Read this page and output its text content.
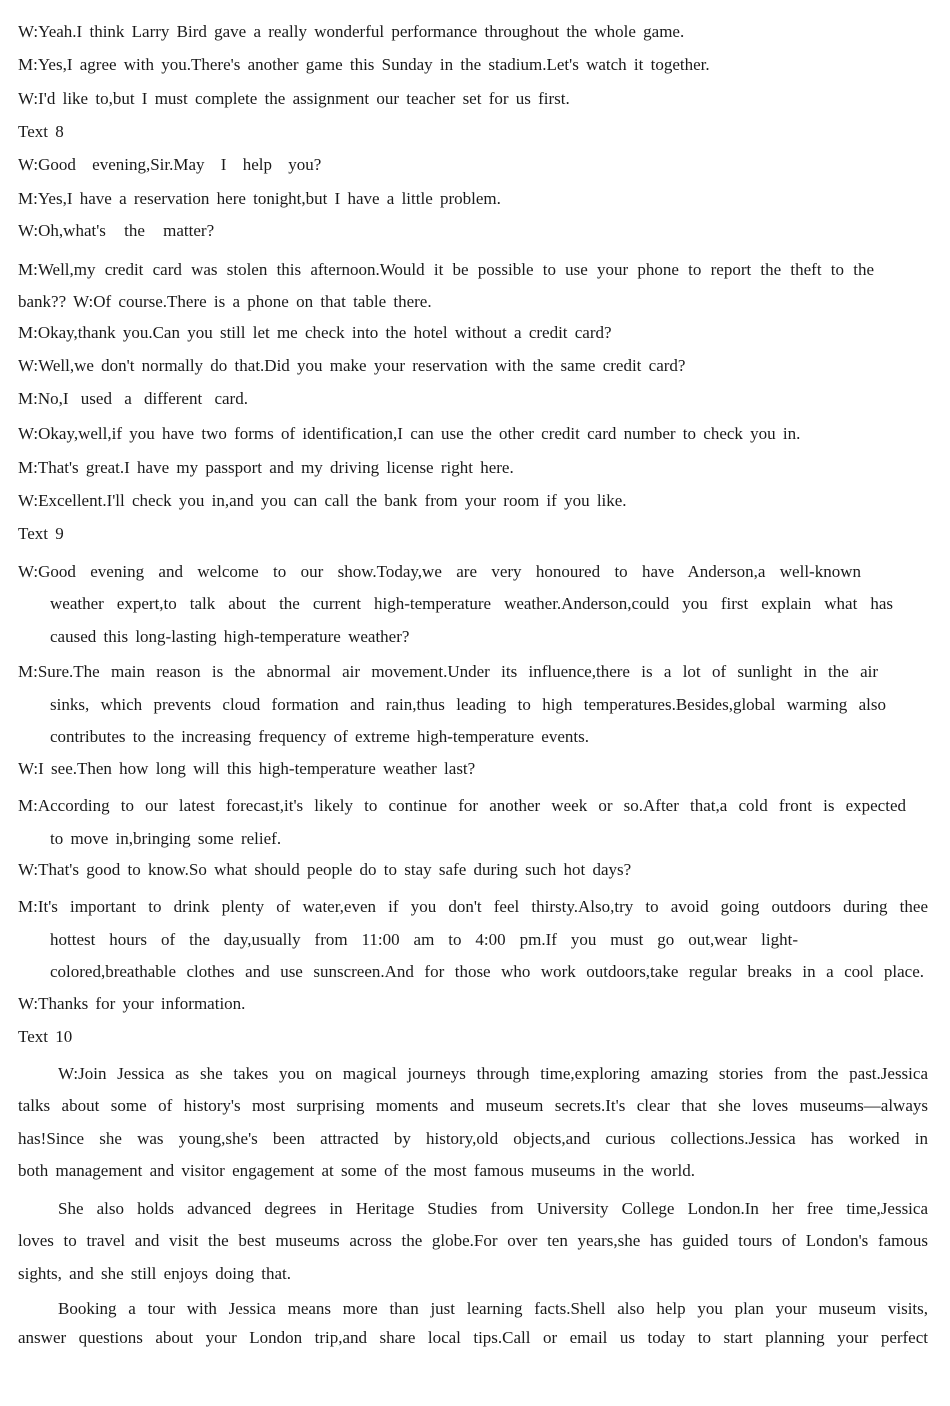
W:Yeah.I think Larry Bird gave a really wonderful performance throughout the whole game.
M:Yes,I agree with you.There's another game this Sunday in the stadium.Let's watch it together.
W:I'd like to,but I must complete the assignment our teacher set for us first.
Text 8
W:Good evening,Sir.May I help you?
M:Yes,I have a reservation here tonight,but I have a little problem.
W:Oh,what's the matter?
M:Well,my credit card was stolen this afternoon.Would it be possible to use your phone to report the theft to the
bank?? W:Of course.There is a phone on that table there.
M:Okay,thank you.Can you still let me check into the hotel without a credit card?
W:Well,we don't normally do that.Did you make your reservation with the same credit card?
M:No,I used a different card.
W:Okay,well,if you have two forms of identification,I can use the other credit card number to check you in.
M:That's great.I have my passport and my driving license right here.
W:Excellent.I'll check you in,and you can call the bank from your room if you like.
Text 9
W:Good evening and welcome to our show.Today,we are very honoured to have Anderson,a well-known
weather expert,to talk about the current high-temperature weather.Anderson,could you first explain what has
caused this long-lasting high-temperature weather?
M:Sure.The main reason is the abnormal air movement.Under its influence,there is a lot of sunlight in the air
sinks, which prevents cloud formation and rain,thus leading to high temperatures.Besides,global warming also
contributes to the increasing frequency of extreme high-temperature events.
W:I see.Then how long will this high-temperature weather last?
M:According to our latest forecast,it's likely to continue for another week or so.After that,a cold front is expected
to move in,bringing some relief.
W:That's good to know.So what should people do to stay safe during such hot days?
M:It's important to drink plenty of water,even if you don't feel thirsty.Also,try to avoid going outdoors during thee
hottest hours of the day,usually from 11:00 am to 4:00 pm.If you must go out,wear light-
colored,breathable clothes and use sunscreen.And for those who work outdoors,take regular breaks in a cool place.
W:Thanks for your information.
Text 10
W:Join Jessica as she takes you on magical journeys through time,exploring amazing stories from the past.Jessica
talks about some of history's most surprising moments and museum secrets.It's clear that she loves museums—always
has!Since she was young,she's been attracted by history,old objects,and curious collections.Jessica has worked in
both management and visitor engagement at some of the most famous museums in the world.
She also holds advanced degrees in Heritage Studies from University College London.In her free time,Jessica
loves to travel and visit the best museums across the globe.For over ten years,she has guided tours of London's famous
sights, and she still enjoys doing that.
Booking a tour with Jessica means more than just learning facts.Shell also help you plan your museum visits,
answer questions about your London trip,and share local tips.Call or email us today to start planning your perfect
